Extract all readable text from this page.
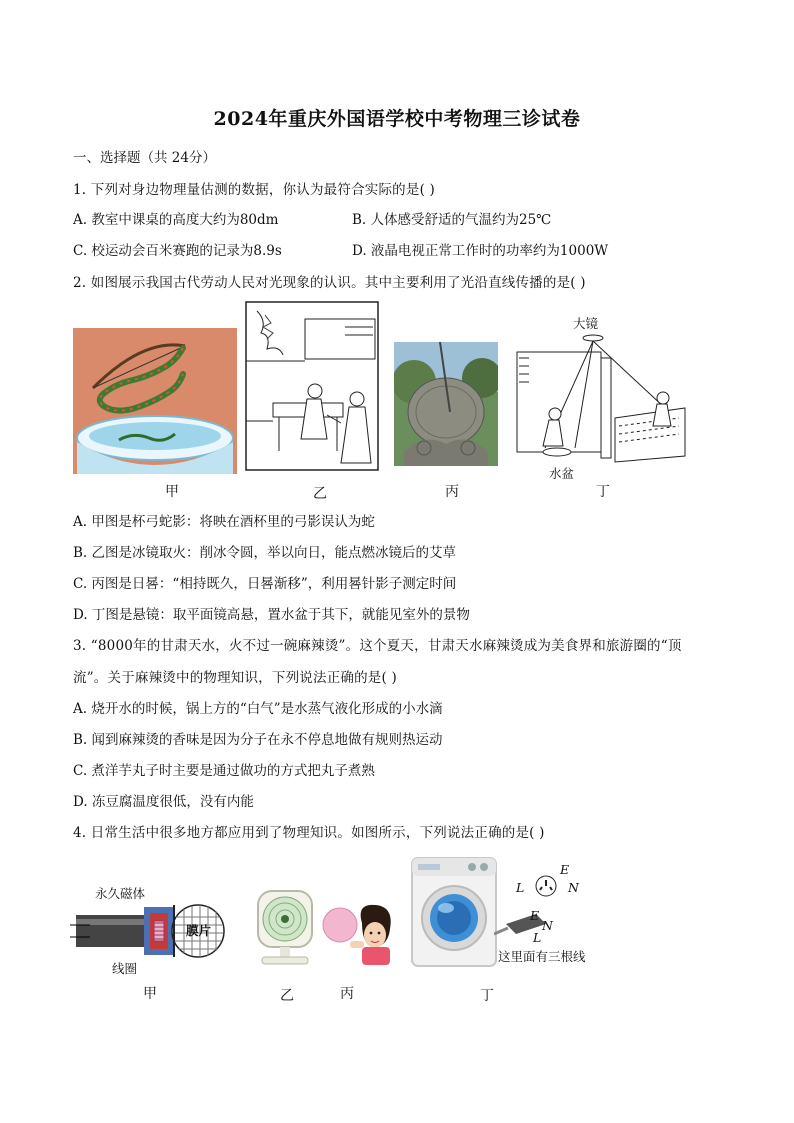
2024年重庆外国语学校中考物理三诊试卷
一、选择题（共 24分）
1. 下列对身边物理量估测的数据，你认为最符合实际的是( )
A. 教室中课桌的高度大约为80dm	B. 人体感受舒适的气温约为25℃
C. 校运动会百米赛跑的记录为8.9s	D. 液晶电视正常工作时的功率约为1000W
2. 如图展示我国古代劳动人民对光现象的认识。其中主要利用了光沿直线传播的是( )
大镜
水盆
甲	乙	丙	丁
A. 甲图是杯弓蛇影：将映在酒杯里的弓影误认为蛇
B. 乙图是冰镜取火：削冰令圆，举以向日，能点燃冰镜后的艾草
C. 丙图是日晷：“相持既久，日晷渐移”，利用晷针影子测定时间
D. 丁图是悬镜：取平面镜高悬，置水盆于其下，就能见室外的景物
3. “8000年的甘肃天水，火不过一碗麻辣烫”。这个夏天，甘肃天水麻辣烫成为美食界和旅游圈的“顶
流”。关于麻辣烫中的物理知识，下列说法正确的是( )
A. 烧开水的时候，锅上方的“白气”是水蒸气液化形成的小水滴
B. 闻到麻辣烫的香味是因为分子在永不停息地做有规则热运动
C. 煮洋芋丸子时主要是通过做功的方式把丸子煮熟
D. 冻豆腐温度很低，没有内能
4. 日常生活中很多地方都应用到了物理知识。如图所示，下列说法正确的是( )
永久磁体
线圈
膜片
E
L	N
E
N
L
这里面有三根线
甲	乙	丙	丁
